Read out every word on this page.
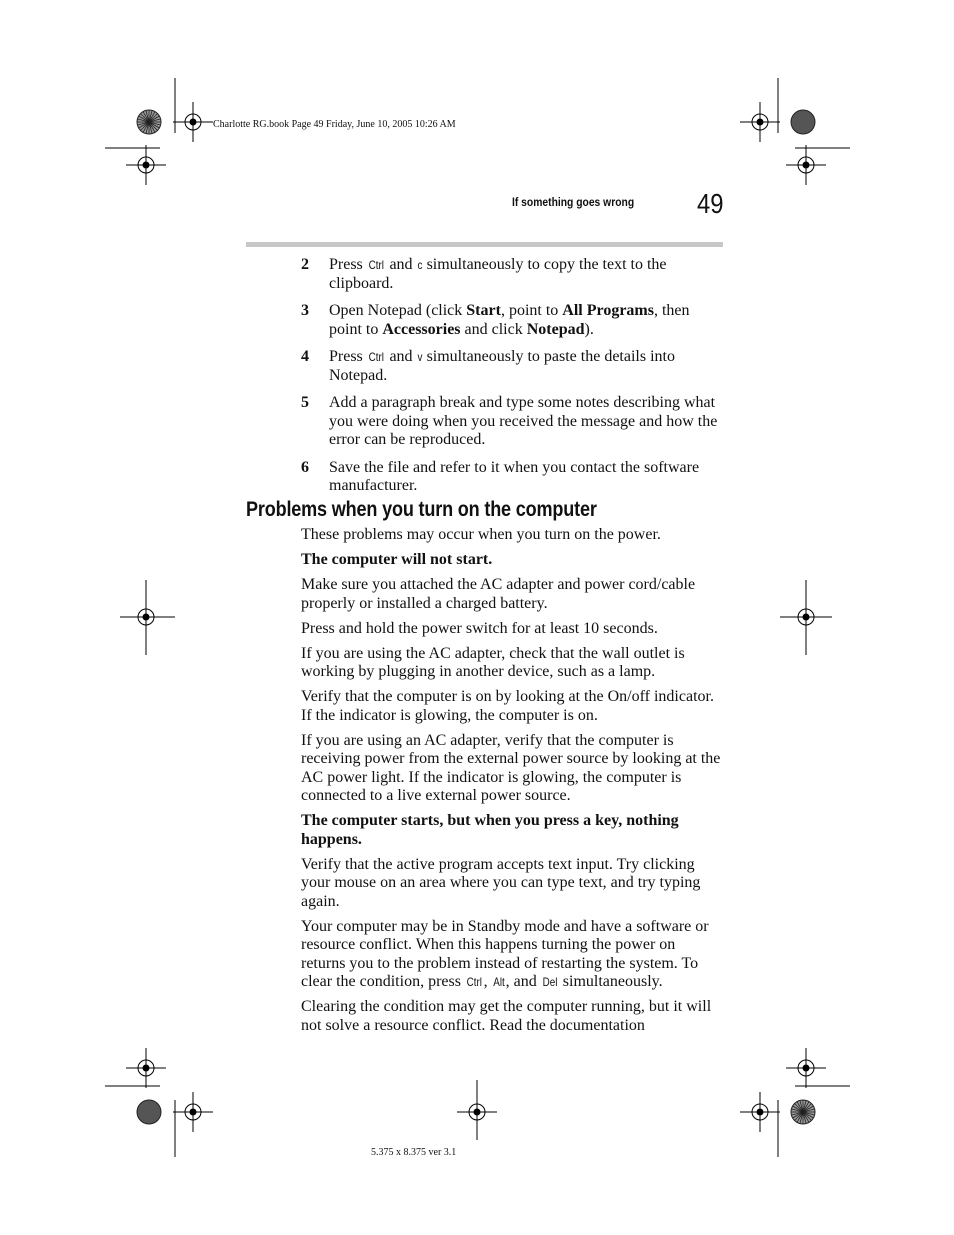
Charlotte RG.book Page 49 Friday, June 10, 2005 10:26 AM
If something goes wrong 49
2	Press Ctrl and c simultaneously to copy the text to the clipboard.
3	Open Notepad (click Start, point to All Programs, then point to Accessories and click Notepad).
4	Press Ctrl and v simultaneously to paste the details into Notepad.
5	Add a paragraph break and type some notes describing what you were doing when you received the message and how the error can be reproduced.
6	Save the file and refer to it when you contact the software manufacturer.
Problems when you turn on the computer

These problems may occur when you turn on the power.

The computer will not start.

Make sure you attached the AC adapter and power cord/cable properly or installed a charged battery.

Press and hold the power switch for at least 10 seconds.

If you are using the AC adapter, check that the wall outlet is working by plugging in another device, such as a lamp.

Verify that the computer is on by looking at the On/off indicator. If the indicator is glowing, the computer is on.

If you are using an AC adapter, verify that the computer is receiving power from the external power source by looking at the AC power light. If the indicator is glowing, the computer is connected to a live external power source.

The computer starts, but when you press a key, nothing happens.

Verify that the active program accepts text input. Try clicking your mouse on an area where you can type text, and try typing again.

Your computer may be in Standby mode and have a software or resource conflict. When this happens turning the power on returns you to the problem instead of restarting the system. To clear the condition, press Ctrl , Alt, and Del simultaneously.

Clearing the condition may get the computer running, but it will not solve a resource conflict. Read the documentation

5.375 x 8.375 ver 3.1
